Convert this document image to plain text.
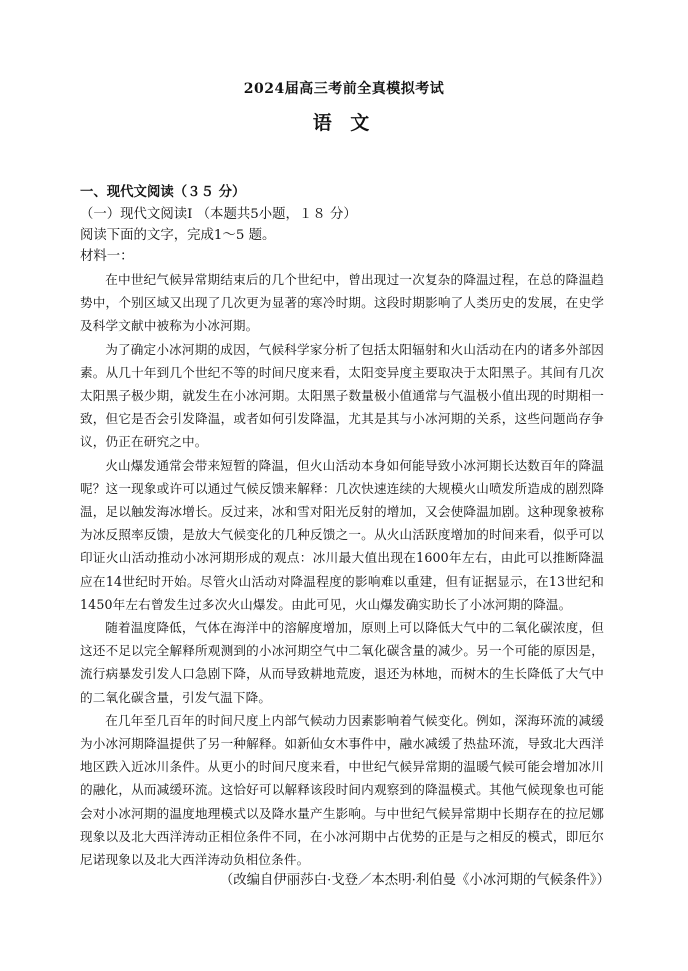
2024届高三考前全真模拟考试
语 文
一、现代文阅读（３５ 分）
（一）现代文阅读Ⅰ （本题共5小题，１８ 分）
阅读下面的文字，完成1～5 题。
材料一：

在中世纪气候异常期结束后的几个世纪中，曾出现过一次复杂的降温过程，在总的降温趋势中，个别区域又出现了几次更为显著的寒冷时期。这段时期影响了人类历史的发展，在史学及科学文献中被称为小冰河期。

为了确定小冰河期的成因，气候科学家分析了包括太阳辐射和火山活动在内的诸多外部因素。从几十年到几个世纪不等的时间尺度来看，太阳变异度主要取决于太阳黑子。其间有几次太阳黑子极少期，就发生在小冰河期。太阳黑子数量极小值通常与气温极小值出现的时期相一致，但它是否会引发降温，或者如何引发降温，尤其是其与小冰河期的关系，这些问题尚存争议，仍正在研究之中。

火山爆发通常会带来短暂的降温，但火山活动本身如何能导致小冰河期长达数百年的降温呢？这一现象或许可以通过气候反馈来解释：几次快速连续的大规模火山喷发所造成的剧烈降温，足以触发海冰增长。反过来，冰和雪对阳光反射的增加，又会使降温加剧。这种现象被称为冰反照率反馈，是放大气候变化的几种反馈之一。从火山活跃度增加的时间来看，似乎可以印证火山活动推动小冰河期形成的观点：冰川最大值出现在1600年左右，由此可以推断降温应在14世纪时开始。尽管火山活动对降温程度的影响难以重建，但有证据显示，在13世纪和1450年左右曾发生过多次火山爆发。由此可见，火山爆发确实助长了小冰河期的降温。

随着温度降低，气体在海洋中的溶解度增加，原则上可以降低大气中的二氧化碳浓度，但这还不足以完全解释所观测到的小冰河期空气中二氧化碳含量的减少。另一个可能的原因是，流行病暴发引发人口急剧下降，从而导致耕地荒废，退还为林地，而树木的生长降低了大气中的二氧化碳含量，引发气温下降。

在几年至几百年的时间尺度上内部气候动力因素影响着气候变化。例如，深海环流的减缓为小冰河期降温提供了另一种解释。如新仙女木事件中，融水减缓了热盐环流，导致北大西洋地区跌入近冰川条件。从更小的时间尺度来看，中世纪气候异常期的温暖气候可能会增加冰川的融化，从而减缓环流。这恰好可以解释该段时间内观察到的降温模式。其他气候现象也可能会对小冰河期的温度地理模式以及降水量产生影响。与中世纪气候异常期中长期存在的拉尼娜现象以及北大西洋涛动正相位条件不同，在小冰河期中占优势的正是与之相反的模式，即厄尔尼诺现象以及北大西洋涛动负相位条件。

（改编自伊丽莎白·戈登／本杰明·利伯曼《小冰河期的气候条件》）
